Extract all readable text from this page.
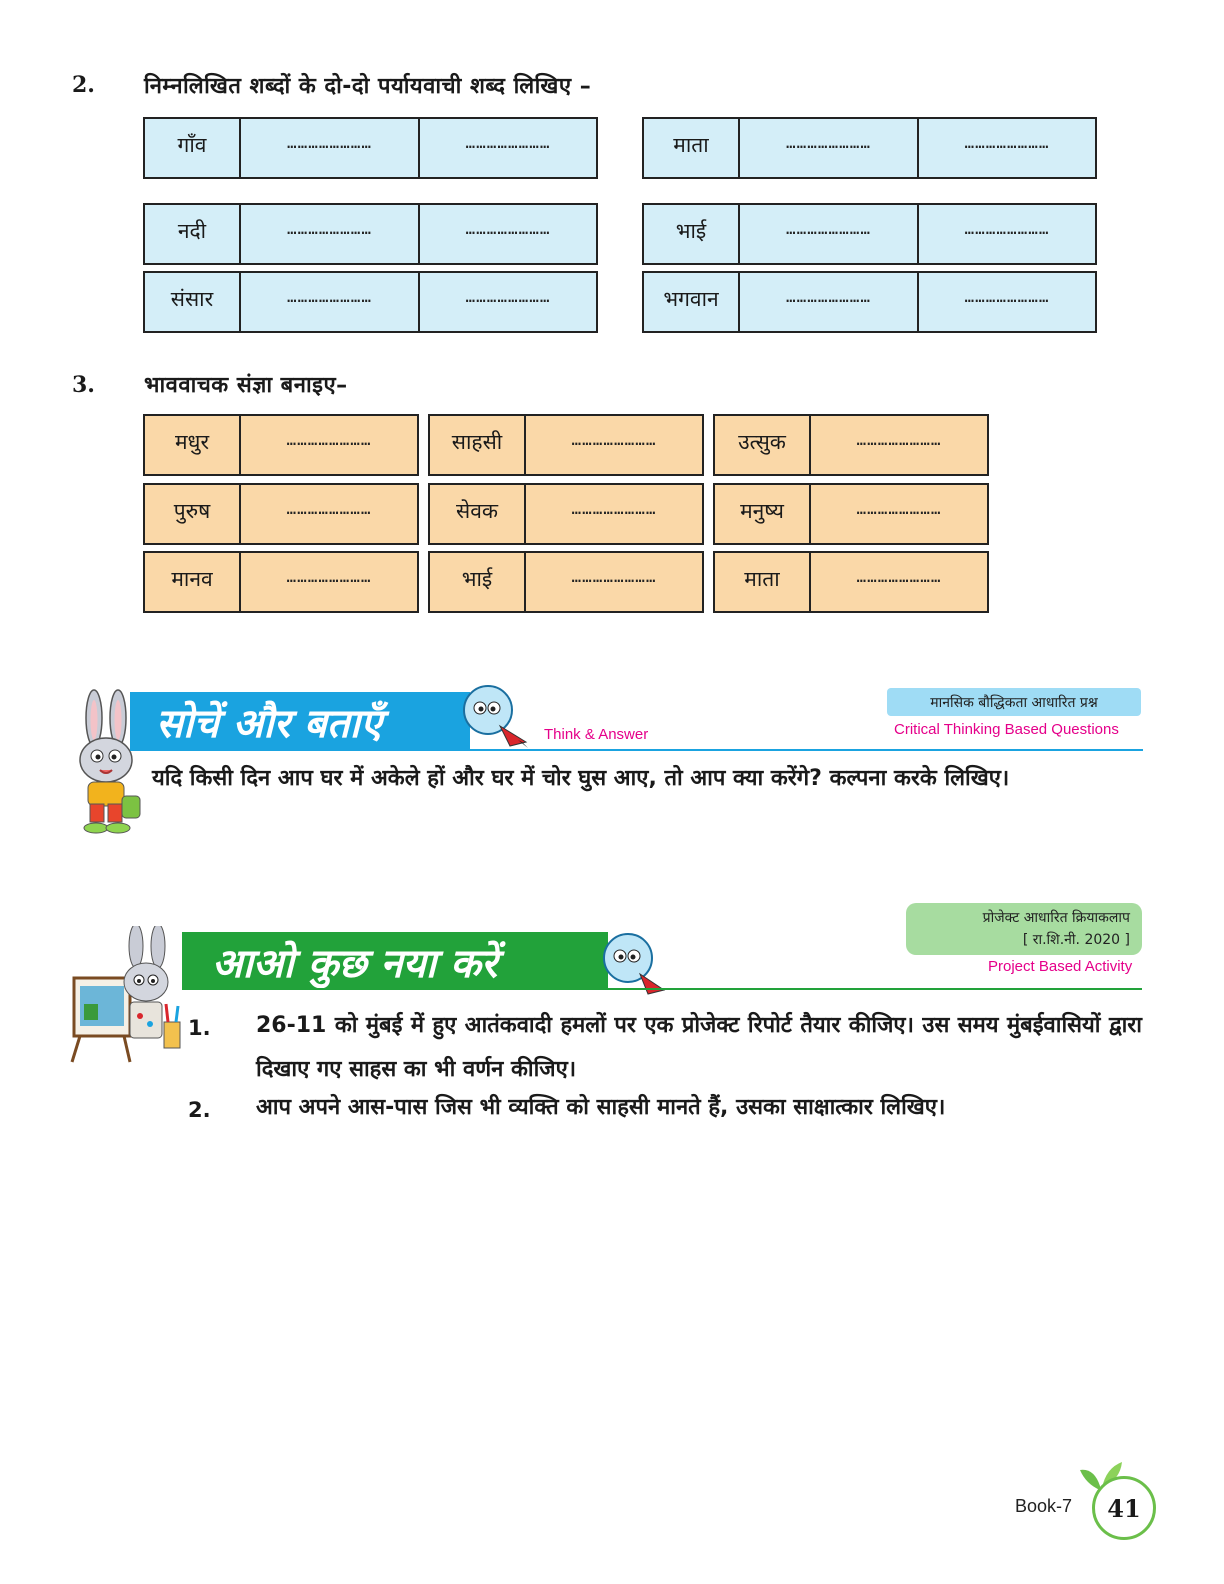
2. निम्नलिखित शब्दों के दो-दो पर्यायवाची शब्द लिखिए –
गाँव	……………………	……………………
नदी	……………………	……………………
संसार	……………………	……………………
माता	……………………	……………………
भाई	……………………	……………………
भगवान	……………………	……………………
3. भाववाचक संज्ञा बनाइए–
मधुर	……………………	साहसी	……………………	उत्सुक	……………………
पुरुष	……………………	सेवक	……………………	मनुष्य	……………………
मानव	……………………	भाई	……………………	माता	……………………
सोचें और बताएँ	Think & Answer
मानसिक बौद्धिकता आधारित प्रश्न
Critical Thinking Based Questions
यदि किसी दिन आप घर में अकेले हों और घर में चोर घुस आए, तो आप क्या करेंगे? कल्पना करके लिखिए।
प्रोजेक्ट आधारित क्रियाकलाप
[ रा.शि.नी. 2020 ]
Project Based Activity
आओ कुछ नया करें
1. 26-11 को मुंबई में हुए आतंकवादी हमलों पर एक प्रोजेक्ट रिपोर्ट तैयार कीजिए। उस समय मुंबईवासियों द्वारा दिखाए गए साहस का भी वर्णन कीजिए।
2. आप अपने आस-पास जिस भी व्यक्ति को साहसी मानते हैं, उसका साक्षात्कार लिखिए।
Book-7	41
